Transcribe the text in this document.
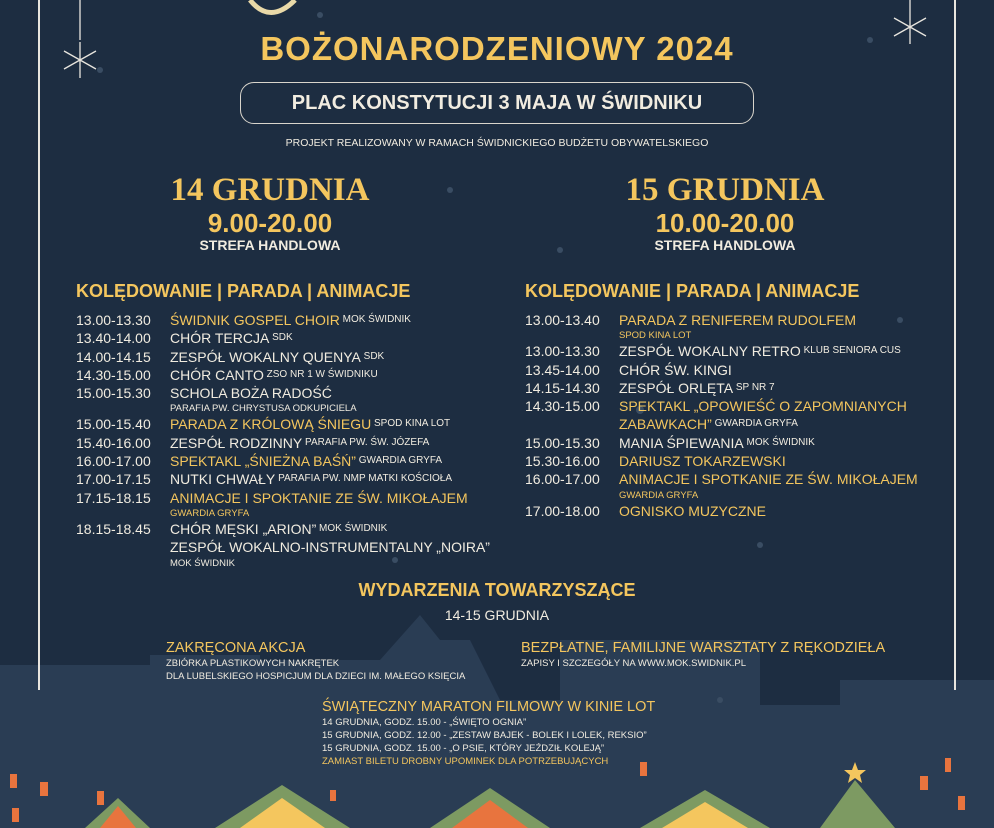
BOŻONARODZENIOWY 2024
PLAC KONSTYTUCJI 3 MAJA W ŚWIDNIKU
PROJEKT REALIZOWANY W RAMACH ŚWIDNICKIEGO BUDŻETU OBYWATELSKIEGO
14 GRUDNIA
9.00-20.00
STREFA HANDLOWA
15 GRUDNIA
10.00-20.00
STREFA HANDLOWA
KOLĘDOWANIE | PARADA | ANIMACJE	KOLĘDOWANIE | PARADA | ANIMACJE
13.00-13.30	ŚWIDNIK GOSPEL CHOIR MOK ŚWIDNIK
13.40-14.00	CHÓR TERCJA SDK
14.00-14.15	ZESPÓŁ WOKALNY QUENYA SDK
14.30-15.00	CHÓR CANTO ZSO NR 1 W ŚWIDNIKU
15.00-15.30	SCHOLA BOŻA RADOŚĆ
PARAFIA PW. CHRYSTUSA ODKUPICIELA
15.00-15.40	PARADA Z KRÓLOWĄ ŚNIEGU SPOD KINA LOT
15.40-16.00	ZESPÓŁ RODZINNY PARAFIA PW. ŚW. JÓZEFA
16.00-17.00	SPEKTAKL „ŚNIEŻNA BAŚŃ” GWARDIA GRYFA
17.00-17.15	NUTKI CHWAŁY PARAFIA PW. NMP MATKI KOŚCIOŁA
17.15-18.15	ANIMACJE I SPOKTANIE ZE ŚW. MIKOŁAJEM
GWARDIA GRYFA
18.15-18.45	CHÓR MĘSKI „ARION” MOK ŚWIDNIK
ZESPÓŁ WOKALNO-INSTRUMENTALNY „NOIRA”
MOK ŚWIDNIK
13.00-13.40	PARADA Z RENIFEREM RUDOLFEM
SPOD KINA LOT
13.00-13.30	ZESPÓŁ WOKALNY RETRO KLUB SENIORA CUS
13.45-14.00	CHÓR ŚW. KINGI
14.15-14.30	ZESPÓŁ ORLĘTA SP NR 7
14.30-15.00	SPEKTAKL „OPOWIEŚĆ O ZAPOMNIANYCH
ZABAWKACH” GWARDIA GRYFA
15.00-15.30	MANIA ŚPIEWANIA MOK ŚWIDNIK
15.30-16.00	DARIUSZ TOKARZEWSKI
16.00-17.00	ANIMACJE I SPOTKANIE ZE ŚW. MIKOŁAJEM
GWARDIA GRYFA
17.00-18.00	OGNISKO MUZYCZNE
WYDARZENIA TOWARZYSZĄCE
14-15 GRUDNIA
ZAKRĘCONA AKCJA
ZBIÓRKA PLASTIKOWYCH NAKRĘTEK
DLA LUBELSKIEGO HOSPICJUM DLA DZIECI IM. MAŁEGO KSIĘCIA
BEZPŁATNE, FAMILIJNE WARSZTATY Z RĘKODZIEŁA
ZAPISY I SZCZEGÓŁY NA WWW.MOK.SWIDNIK.PL
ŚWIĄTECZNY MARATON FILMOWY W KINIE LOT
14 GRUDNIA, GODZ. 15.00 - „ŚWIĘTO OGNIA”
15 GRUDNIA, GODZ. 12.00 - „ZESTAW BAJEK - BOLEK I LOLEK, REKSIO”
15 GRUDNIA, GODZ. 15.00 - „O PSIE, KTÓRY JEŹDZIŁ KOLEJĄ”
ZAMIAST BILETU DROBNY UPOMINEK DLA POTRZEBUJĄCYCH
